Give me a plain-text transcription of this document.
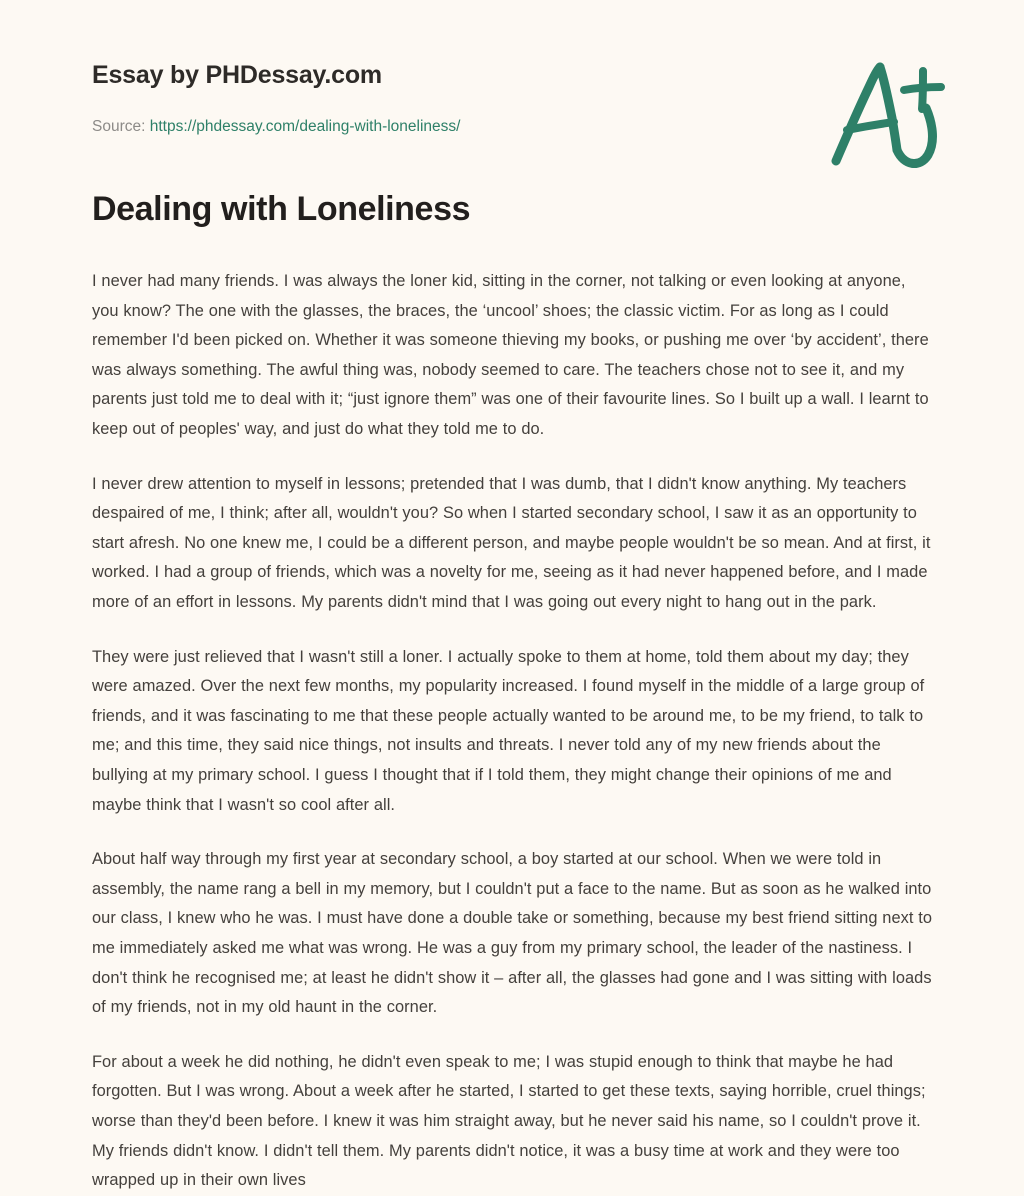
Essay by PHDessay.com
Source: https://phdessay.com/dealing-with-loneliness/
Dealing with Loneliness

I never had many friends. I was always the loner kid, sitting in the corner, not talking or even looking at anyone, you know? The one with the glasses, the braces, the ‘uncool’ shoes; the classic victim. For as long as I could remember I'd been picked on. Whether it was someone thieving my books, or pushing me over ‘by accident’, there was always something. The awful thing was, nobody seemed to care. The teachers chose not to see it, and my parents just told me to deal with it; “just ignore them” was one of their favourite lines. So I built up a wall. I learnt to keep out of peoples' way, and just do what they told me to do.

I never drew attention to myself in lessons; pretended that I was dumb, that I didn't know anything. My teachers despaired of me, I think; after all, wouldn't you? So when I started secondary school, I saw it as an opportunity to start afresh. No one knew me, I could be a different person, and maybe people wouldn't be so mean. And at first, it worked. I had a group of friends, which was a novelty for me, seeing as it had never happened before, and I made more of an effort in lessons. My parents didn't mind that I was going out every night to hang out in the park.

They were just relieved that I wasn't still a loner. I actually spoke to them at home, told them about my day; they were amazed. Over the next few months, my popularity increased. I found myself in the middle of a large group of friends, and it was fascinating to me that these people actually wanted to be around me, to be my friend, to talk to me; and this time, they said nice things, not insults and threats. I never told any of my new friends about the bullying at my primary school. I guess I thought that if I told them, they might change their opinions of me and maybe think that I wasn't so cool after all.

About half way through my first year at secondary school, a boy started at our school. When we were told in assembly, the name rang a bell in my memory, but I couldn't put a face to the name. But as soon as he walked into our class, I knew who he was. I must have done a double take or something, because my best friend sitting next to me immediately asked me what was wrong. He was a guy from my primary school, the leader of the nastiness. I don't think he recognised me; at least he didn't show it – after all, the glasses had gone and I was sitting with loads of my friends, not in my old haunt in the corner.

For about a week he did nothing, he didn't even speak to me; I was stupid enough to think that maybe he had forgotten. But I was wrong. About a week after he started, I started to get these texts, saying horrible, cruel things; worse than they'd been before. I knew it was him straight away, but he never said his name, so I couldn't prove it. My friends didn't know. I didn't tell them. My parents didn't notice, it was a busy time at work and they were too wrapped up in their own lives
